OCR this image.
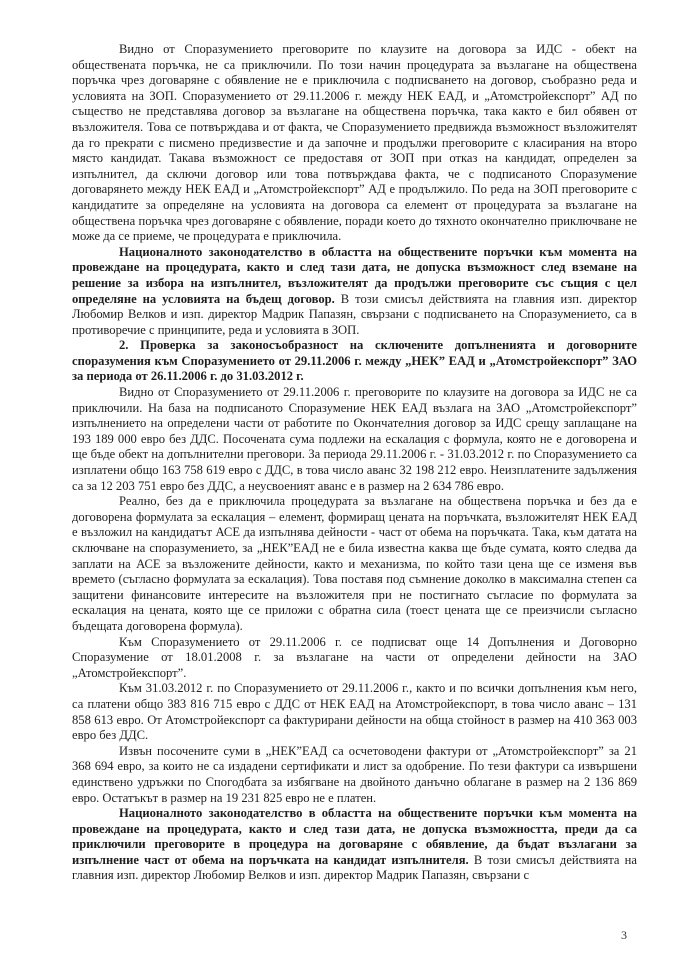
Видно от Споразумението преговорите по клаузите на договора за ИДС - обект на обществената поръчка, не са приключили. По този начин процедурата за възлагане на обществена поръчка чрез договаряне с обявление не е приключила с подписването на договор, съобразно реда и условията на ЗОП. Споразумението от 29.11.2006 г. между НЕК ЕАД, и „Атомстройекспорт” АД по същество не представлява договор за възлагане на обществена поръчка, така както е бил обявен от възложителя. Това се потвърждава и от факта, че Споразумението предвижда възможност възложителят да го прекрати с писмено предизвестие и да започне и продължи преговорите с класирания на второ място кандидат. Такава възможност се предоставя от ЗОП при отказ на кандидат, определен за изпълнител, да сключи договор или това потвърждава факта, че с подписаното Споразумение договарянето между НЕК ЕАД и „Атомстройекспорт” АД е продължило. По реда на ЗОП преговорите с кандидатите за определяне на условията на договора са елемент от процедурата за възлагане на обществена поръчка чрез договаряне с обявление, поради което до тяхното окончателно приключване не може да се приеме, че процедурата е приключила.

Националното законодателство в областта на обществените поръчки към момента на провеждане на процедурата, както и след тази дата, не допуска възможност след вземане на решение за избора на изпълнител, възложителят да продължи преговорите със същия с цел определяне на условията на бъдещ договор. В този смисъл действията на главния изп. директор Любомир Велков и изп. директор Мадрик Папазян, свързани с подписването на Споразумението, са в противоречие с принципите, реда и условията в ЗОП.

2. Проверка за законосъобразност на сключените допълненията и договорните споразумения към Споразумението от 29.11.2006 г. между „НЕК” ЕАД и „Атомстройекспорт” ЗАО за периода от 26.11.2006 г. до 31.03.2012 г.

Видно от Споразумението от 29.11.2006 г. преговорите по клаузите на договора за ИДС не са приключили. На база на подписаното Споразумение НЕК ЕАД възлага на ЗАО „Атомстройекспорт” изпълнението на определени части от работите по Окончателния договор за ИДС срещу заплащане на 193 189 000 евро без ДДС. Посочената сума подлежи на ескалация с формула, която не е договорена и ще бъде обект на допълнителни преговори. За периода 29.11.2006 г. - 31.03.2012 г. по Споразумението са изплатени общо 163 758 619 евро с ДДС, в това число аванс 32 198 212 евро. Неизплатените задължения са за 12 203 751 евро без ДДС, а неусвоеният аванс е в размер на 2 634 786 евро.

Реално, без да е приключила процедурата за възлагане на обществена поръчка и без да е договорена формулата за ескалация – елемент, формиращ цената на поръчката, възложителят НЕК ЕАД е възложил на кандидатът АСЕ да изпълнява дейности - част от обема на поръчката. Така, към датата на сключване на споразумението, за „НЕК”ЕАД не е била известна каква ще бъде сумата, която следва да заплати на АСЕ за възложените дейности, както и механизма, по който тази цена ще се изменя във времето (съгласно формулата за ескалация). Това поставя под съмнение доколко в максимална степен са защитени финансовите интересите на възложителя при не постигнато съгласие по формулата за ескалация на цената, която ще се приложи с обратна сила (тоест цената ще се преизчисли съгласно бъдещата договорена формула).

Към Споразумението от 29.11.2006 г. се подписват още 14 Допълнения и Договорно Споразумение от 18.01.2008 г. за възлагане на части от определени дейности на ЗАО „Атомстройекспорт”.

Към 31.03.2012 г. по Споразумението от 29.11.2006 г., както и по всички допълнения към него, са платени общо 383 816 715 евро с ДДС от НЕК ЕАД на Атомстройекспорт, в това число аванс – 131 858 613 евро. От Атомстройекспорт са фактурирани дейности на обща стойност в размер на 410 363 003 евро без ДДС.

Извън посочените суми в „НЕК”ЕАД са осчетоводени фактури от „Атомстройекспорт” за 21 368 694 евро, за които не са издадени сертификати и лист за одобрение. По тези фактури са извършени единствено удръжки по Спогодбата за избягване на двойното данъчно облагане в размер на 2 136 869 евро. Остатъкът в размер на 19 231 825 евро не е платен.

Националното законодателство в областта на обществените поръчки към момента на провеждане на процедурата, както и след тази дата, не допуска възможността, преди да са приключили преговорите в процедура на договаряне с обявление, да бъдат възлагани за изпълнение част от обема на поръчката на кандидат изпълнителя. В този смисъл действията на главния изп. директор Любомир Велков и изп. директор Мадрик Папазян, свързани с

3
